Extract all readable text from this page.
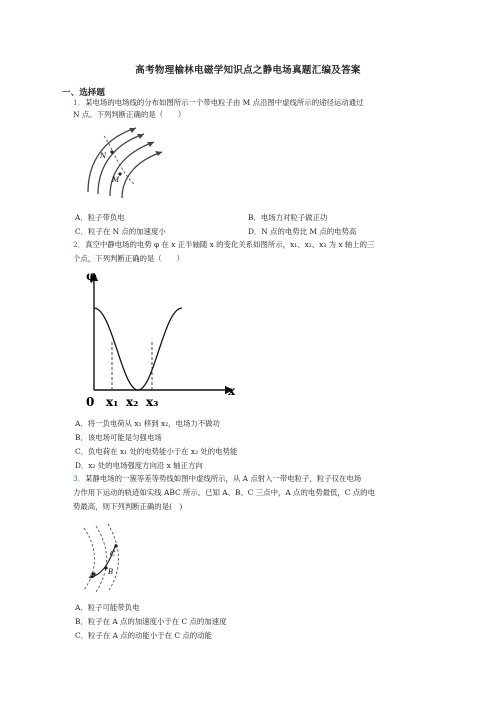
高考物理榆林电磁学知识点之静电场真题汇编及答案
一、选择题
1．某电场的电场线的分布如图所示一个带电粒子由 M 点沿图中虚线所示的途径运动通过
N 点。下列判断正确的是（　　）
N
M
A．粒子带负电	B．电场力对粒子做正功
C．粒子在 N 点的加速度小	D．N 点的电势比 M 点的电势高
2．真空中静电场的电势 φ 在 x 正半轴随 x 的变化关系如图所示，x₁、x₂、x₃ 为 x 轴上的三
个点，下列判断正确的是（　　）
φ
x
0 x₁ x₂ x₃
A．将一负电荷从 x₁ 移到 x₂，电场力不做功
B．该电场可能是匀强电场
C．负电荷在 x₁ 处的电势能小于在 x₂ 处的电势能
D．x₂ 处的电场强度方向沿 x 轴正方向
3．某静电场的一簇等差等势线如图中虚线所示，从 A 点射入一带电粒子，粒子仅在电场
力作用下运动的轨迹如实线 ABC 所示。已知 A、B、C 三点中，A 点的电势最低，C 点的电
势最高，则下列判断正确的是(　)
C
A B
A．粒子可能带负电
B．粒子在 A 点的加速度小于在 C 点的加速度
C．粒子在 A 点的动能小于在 C 点的动能
